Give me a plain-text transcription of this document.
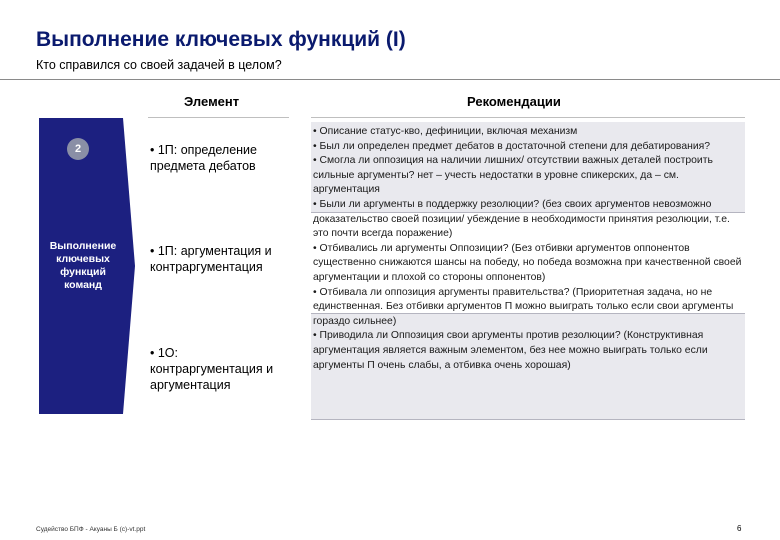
Выполнение ключевых функций (I)
Кто справился со своей задачей в целом?
Элемент	Рекомендации
2
Выполнение ключевых функций команд
• 1П: определение предмета дебатов
• 1П: аргументация и контраргументация
• 1О: контраргументация и аргументация

• Описание статус-кво, дефиниции, включая механизм

• Был ли определен предмет дебатов в достаточной степени для дебатирования?

• Смогла ли оппозиция на наличии лишних/ отсутствии важных деталей построить сильные аргументы? нет – учесть недостатки в уровне спикерских, да – см. аргументация

• Были ли аргументы в поддержку резолюции? (без своих аргументов невозможно доказательство своей позиции/ убеждение в необходимости принятия резолюции, т.е. это почти всегда поражение)

• Отбивались ли аргументы Оппозиции? (Без отбивки аргументов оппонентов существенно снижаются шансы на победу, но победа возможна при качественной своей аргументации и плохой со стороны оппонентов)

• Отбивала ли оппозиция аргументы правительства? (Приоритетная задача, но не единственная. Без отбивки аргументов П можно выиграть только если свои аргументы гораздо сильнее)

• Приводила ли Оппозиция свои аргументы против резолюции? (Конструктивная аргументация является важным элементом, без нее можно выиграть только если аргументы П очень слабы, а отбивка очень хорошая)

Судейство БПФ - Акуаны Б (с)-vt.ppt	6
